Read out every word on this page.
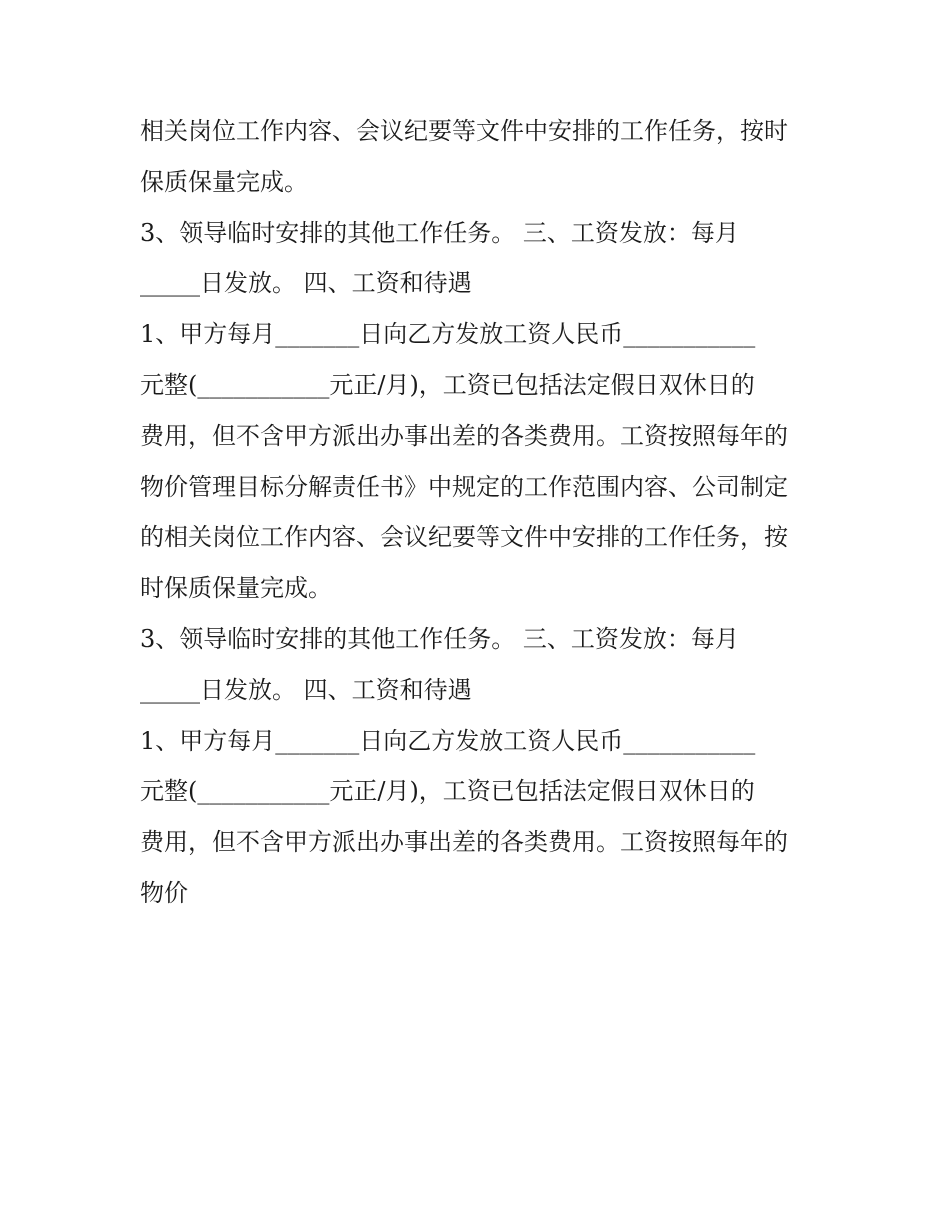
相关岗位工作内容、会议纪要等文件中安排的工作任务，按时
保质保量完成。
3、领导临时安排的其他工作任务。 三、工资发放：每月
_____日发放。 四、工资和待遇
1、甲方每月_______日向乙方发放工资人民币___________
元整(___________元正/月)，工资已包括法定假日双休日的
费用，但不含甲方派出办事出差的各类费用。工资按照每年的
物价管理目标分解责任书》中规定的工作范围内容、公司制定
的相关岗位工作内容、会议纪要等文件中安排的工作任务，按
时保质保量完成。
3、领导临时安排的其他工作任务。 三、工资发放：每月
_____日发放。 四、工资和待遇
1、甲方每月_______日向乙方发放工资人民币___________
元整(___________元正/月)，工资已包括法定假日双休日的
费用，但不含甲方派出办事出差的各类费用。工资按照每年的
物价
